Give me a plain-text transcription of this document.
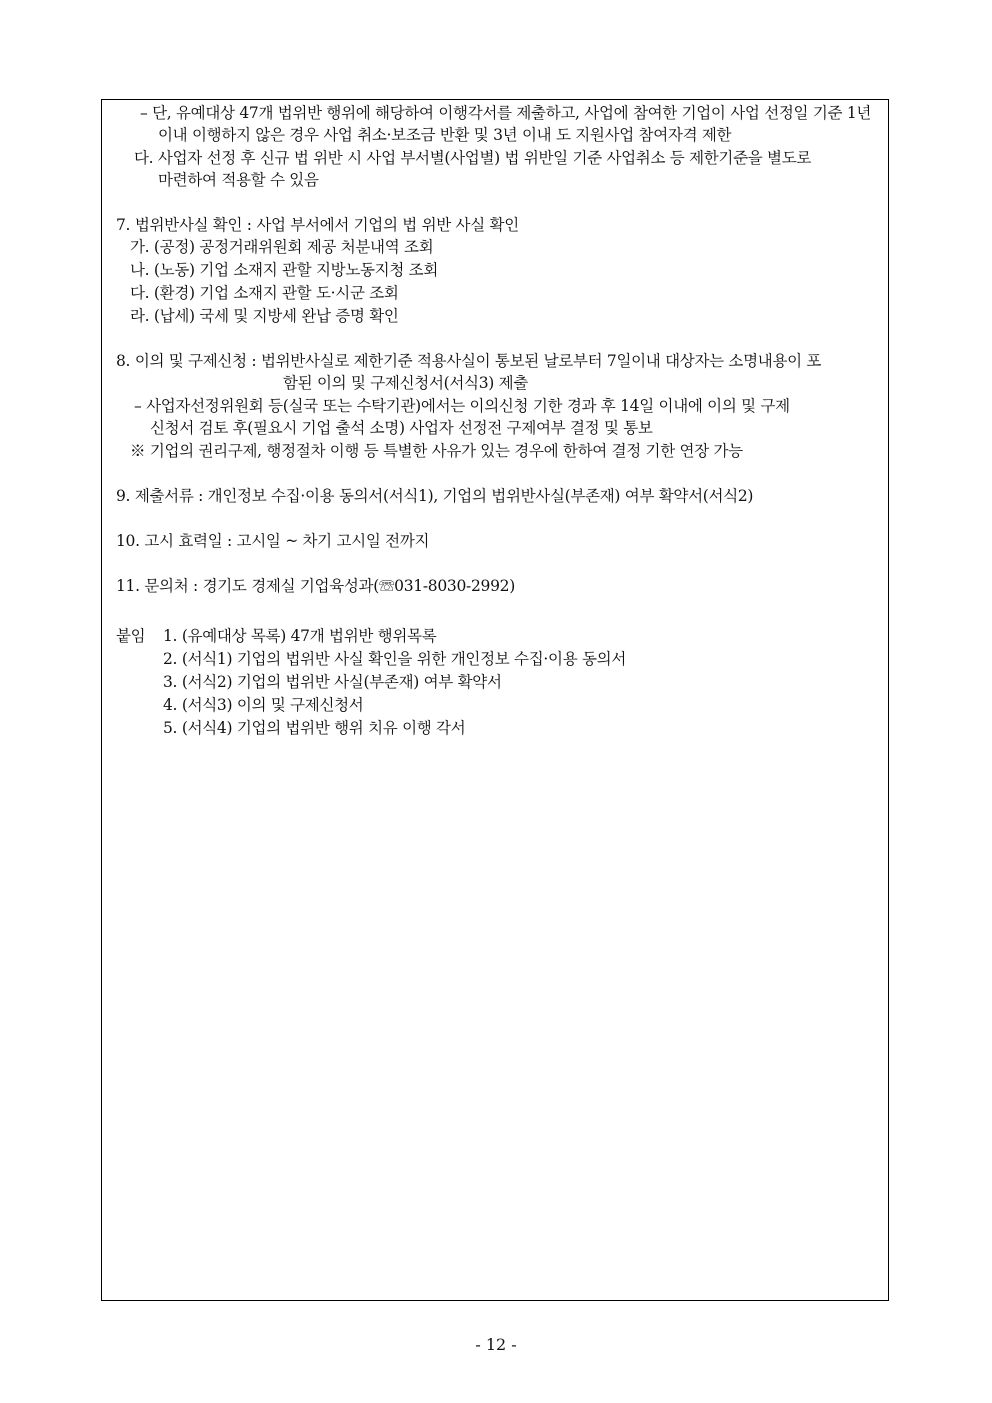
– 단, 유예대상 47개 법위반 행위에 해당하여 이행각서를 제출하고, 사업에 참여한 기업이 사업 선정일 기준 1년
이내 이행하지 않은 경우 사업 취소·보조금 반환 및 3년 이내 도 지원사업 참여자격 제한
다. 사업자 선정 후 신규 법 위반 시 사업 부서별(사업별) 법 위반일 기준 사업취소 등 제한기준을 별도로
마련하여 적용할 수 있음
7. 법위반사실 확인 : 사업 부서에서 기업의 법 위반 사실 확인
가. (공정) 공정거래위원회 제공 처분내역 조회
나. (노동) 기업 소재지 관할 지방노동지청 조회
다. (환경) 기업 소재지 관할 도·시군 조회
라. (납세) 국세 및 지방세 완납 증명 확인
8. 이의 및 구제신청 : 법위반사실로 제한기준 적용사실이 통보된 날로부터 7일이내 대상자는 소명내용이 포
함된 이의 및 구제신청서(서식3) 제출
– 사업자선정위원회 등(실국 또는 수탁기관)에서는 이의신청 기한 경과 후 14일 이내에 이의 및 구제
신청서 검토 후(필요시 기업 출석 소명) 사업자 선정전 구제여부 결정 및 통보
※ 기업의 권리구제, 행정절차 이행 등 특별한 사유가 있는 경우에 한하여 결정 기한 연장 가능
9. 제출서류 : 개인정보 수집·이용 동의서(서식1), 기업의 법위반사실(부존재) 여부 확약서(서식2)
10. 고시 효력일 : 고시일 ~ 차기 고시일 전까지
11. 문의처 : 경기도 경제실 기업육성과(☏031-8030-2992)
붙임 1. (유예대상 목록) 47개 법위반 행위목록
2. (서식1) 기업의 법위반 사실 확인을 위한 개인정보 수집·이용 동의서
3. (서식2) 기업의 법위반 사실(부존재) 여부 확약서
4. (서식3) 이의 및 구제신청서
5. (서식4) 기업의 법위반 행위 치유 이행 각서
- 12 -
